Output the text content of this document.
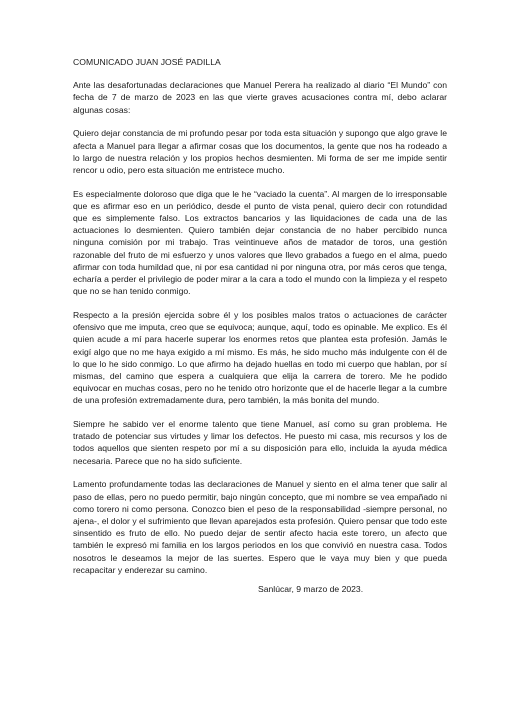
COMUNICADO JUAN JOSÉ PADILLA

Ante las desafortunadas declaraciones que Manuel Perera ha realizado al diario “El Mundo” con fecha de 7 de marzo de 2023 en las que vierte graves acusaciones contra mí, debo aclarar algunas cosas:

Quiero dejar constancia de mi profundo pesar por toda esta situación y supongo que algo grave le afecta a Manuel para llegar a afirmar cosas que los documentos, la gente que nos ha rodeado a lo largo de nuestra relación y los propios hechos desmienten. Mi forma de ser me impide sentir rencor u odio, pero esta situación me entristece mucho.

Es especialmente doloroso que diga que le he “vaciado la cuenta”. Al margen de lo irresponsable que es afirmar eso en un periódico, desde el punto de vista penal, quiero decir con rotundidad que es simplemente falso. Los extractos bancarios y las liquidaciones de cada una de las actuaciones lo desmienten. Quiero también dejar constancia de no haber percibido nunca ninguna comisión por mi trabajo. Tras veintinueve años de matador de toros, una gestión razonable del fruto de mi esfuerzo y unos valores que llevo grabados a fuego en el alma, puedo afirmar con toda humildad que, ni por esa cantidad ni por ninguna otra, por más ceros que tenga, echaría a perder el privilegio de poder mirar a la cara a todo el mundo con la limpieza y el respeto que no se han tenido conmigo.

Respecto a la presión ejercida sobre él y los posibles malos tratos o actuaciones de carácter ofensivo que me imputa, creo que se equivoca; aunque, aquí, todo es opinable. Me explico. Es él quien acude a mí para hacerle superar los enormes retos que plantea esta profesión. Jamás le exigí algo que no me haya exigido a mí mismo. Es más, he sido mucho más indulgente con él de lo que lo he sido conmigo. Lo que afirmo ha dejado huellas en todo mi cuerpo que hablan, por sí mismas, del camino que espera a cualquiera que elija la carrera de torero. Me he podido equivocar en muchas cosas, pero no he tenido otro horizonte que el de hacerle llegar a la cumbre de una profesión extremadamente dura, pero también, la más bonita del mundo.

Siempre he sabido ver el enorme talento que tiene Manuel, así como su gran problema. He tratado de potenciar sus virtudes y limar los defectos. He puesto mi casa, mis recursos y los de todos aquellos que sienten respeto por mí a su disposición para ello, incluida la ayuda médica necesaria. Parece que no ha sido suficiente.

Lamento profundamente todas las declaraciones de Manuel y siento en el alma tener que salir al paso de ellas, pero no puedo permitir, bajo ningún concepto, que mi nombre se vea empañado ni como torero ni como persona. Conozco bien el peso de la responsabilidad -siempre personal, no ajena-, el dolor y el sufrimiento que llevan aparejados esta profesión. Quiero pensar que todo este sinsentido es fruto de ello. No puedo dejar de sentir afecto hacia este torero, un afecto que también le expresó mi familia en los largos periodos en los que convivió en nuestra casa. Todos nosotros le deseamos la mejor de las suertes. Espero que le vaya muy bien y que pueda recapacitar y enderezar su camino.

Sanlúcar, 9 marzo de 2023.
